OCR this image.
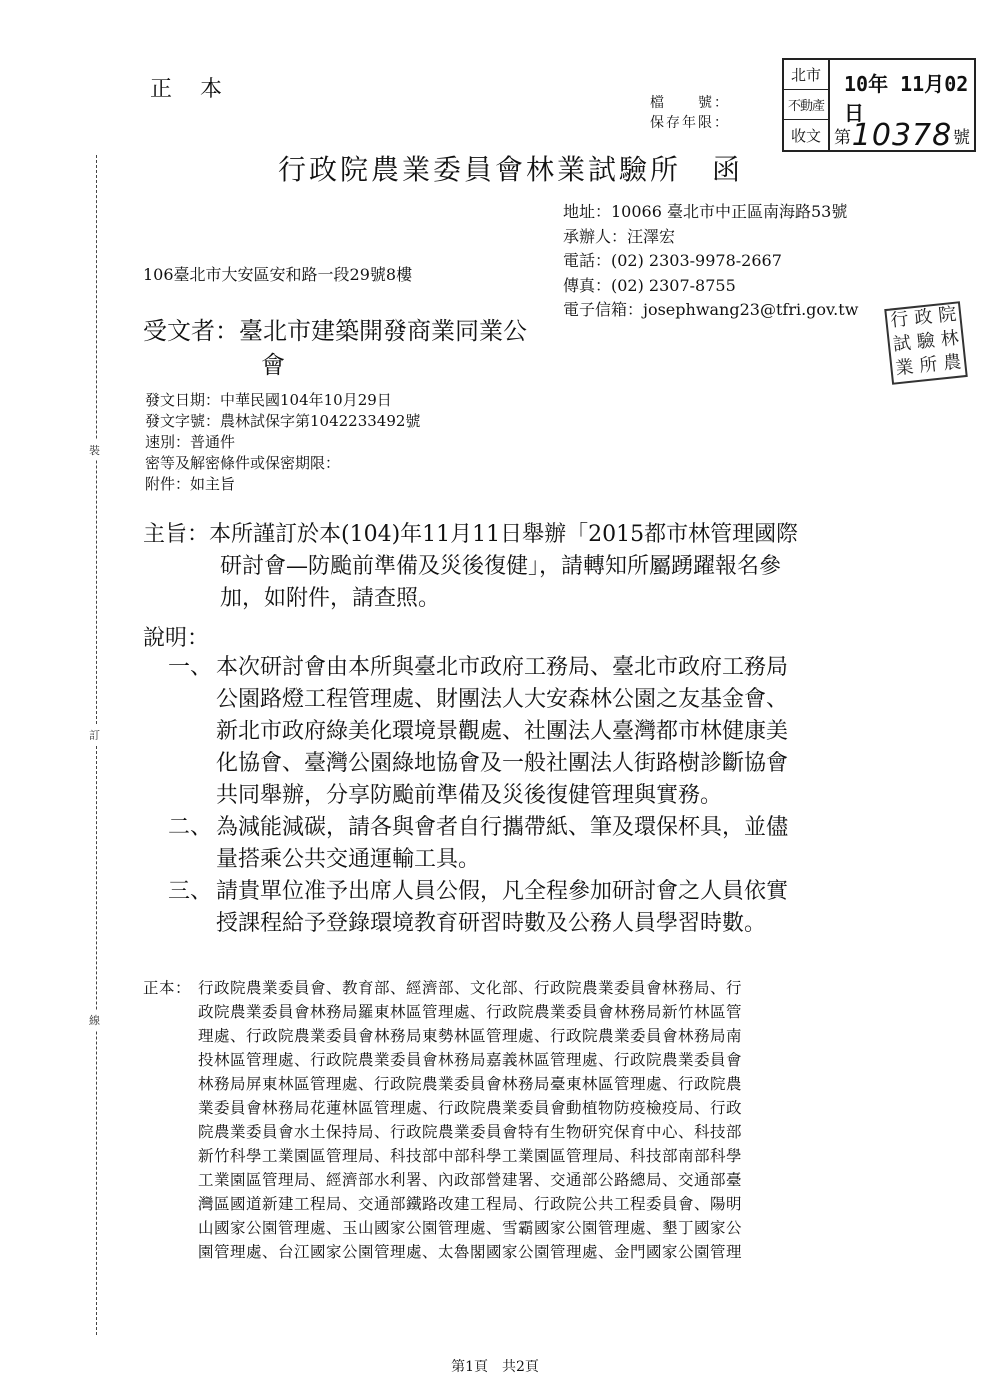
裝
訂
線
正本
檔　　號：
保存年限：
北市
不動產
收文
10年 11月02日
第 10378 號
行政院農業委員會林業試驗所　函
地址：10066 臺北市中正區南海路53號
承辦人：汪澤宏
電話：(02) 2303-9978-2667
傳真：(02) 2307-8755
電子信箱：josephwang23@tfri.gov.tw
106臺北市大安區安和路一段29號8樓
受文者：臺北市建築開發商業同業公
會
行 政 院
試 驗 林
業 所 農
發文日期：中華民國104年10月29日
發文字號：農林試保字第1042233492號
速別：普通件
密等及解密條件或保密期限：
附件：如主旨
主旨：本所謹訂於本(104)年11月11日舉辦「2015都市林管理國際
研討會—防颱前準備及災後復健」，請轉知所屬踴躍報名參
加，如附件，請查照。
說明：
一、 本次研討會由本所與臺北市政府工務局、臺北市政府工務局
公園路燈工程管理處、財團法人大安森林公園之友基金會、
新北市政府綠美化環境景觀處、社團法人臺灣都市林健康美
化協會、臺灣公園綠地協會及一般社團法人街路樹診斷協會
共同舉辦，分享防颱前準備及災後復健管理與實務。
二、 為減能減碳，請各與會者自行攜帶紙、筆及環保杯具，並儘
量搭乘公共交通運輸工具。
三、 請貴單位准予出席人員公假，凡全程參加研討會之人員依實
授課程給予登錄環境教育研習時數及公務人員學習時數。
正本： 行政院農業委員會、教育部、經濟部、文化部、行政院農業委員會林務局、行
政院農業委員會林務局羅東林區管理處、行政院農業委員會林務局新竹林區管
理處、行政院農業委員會林務局東勢林區管理處、行政院農業委員會林務局南
投林區管理處、行政院農業委員會林務局嘉義林區管理處、行政院農業委員會
林務局屏東林區管理處、行政院農業委員會林務局臺東林區管理處、行政院農
業委員會林務局花蓮林區管理處、行政院農業委員會動植物防疫檢疫局、行政
院農業委員會水土保持局、行政院農業委員會特有生物研究保育中心、科技部
新竹科學工業園區管理局、科技部中部科學工業園區管理局、科技部南部科學
工業園區管理局、經濟部水利署、內政部營建署、交通部公路總局、交通部臺
灣區國道新建工程局、交通部鐵路改建工程局、行政院公共工程委員會、陽明
山國家公園管理處、玉山國家公園管理處、雪霸國家公園管理處、墾丁國家公
園管理處、台江國家公園管理處、太魯閣國家公園管理處、金門國家公園管理
第1頁　共2頁
